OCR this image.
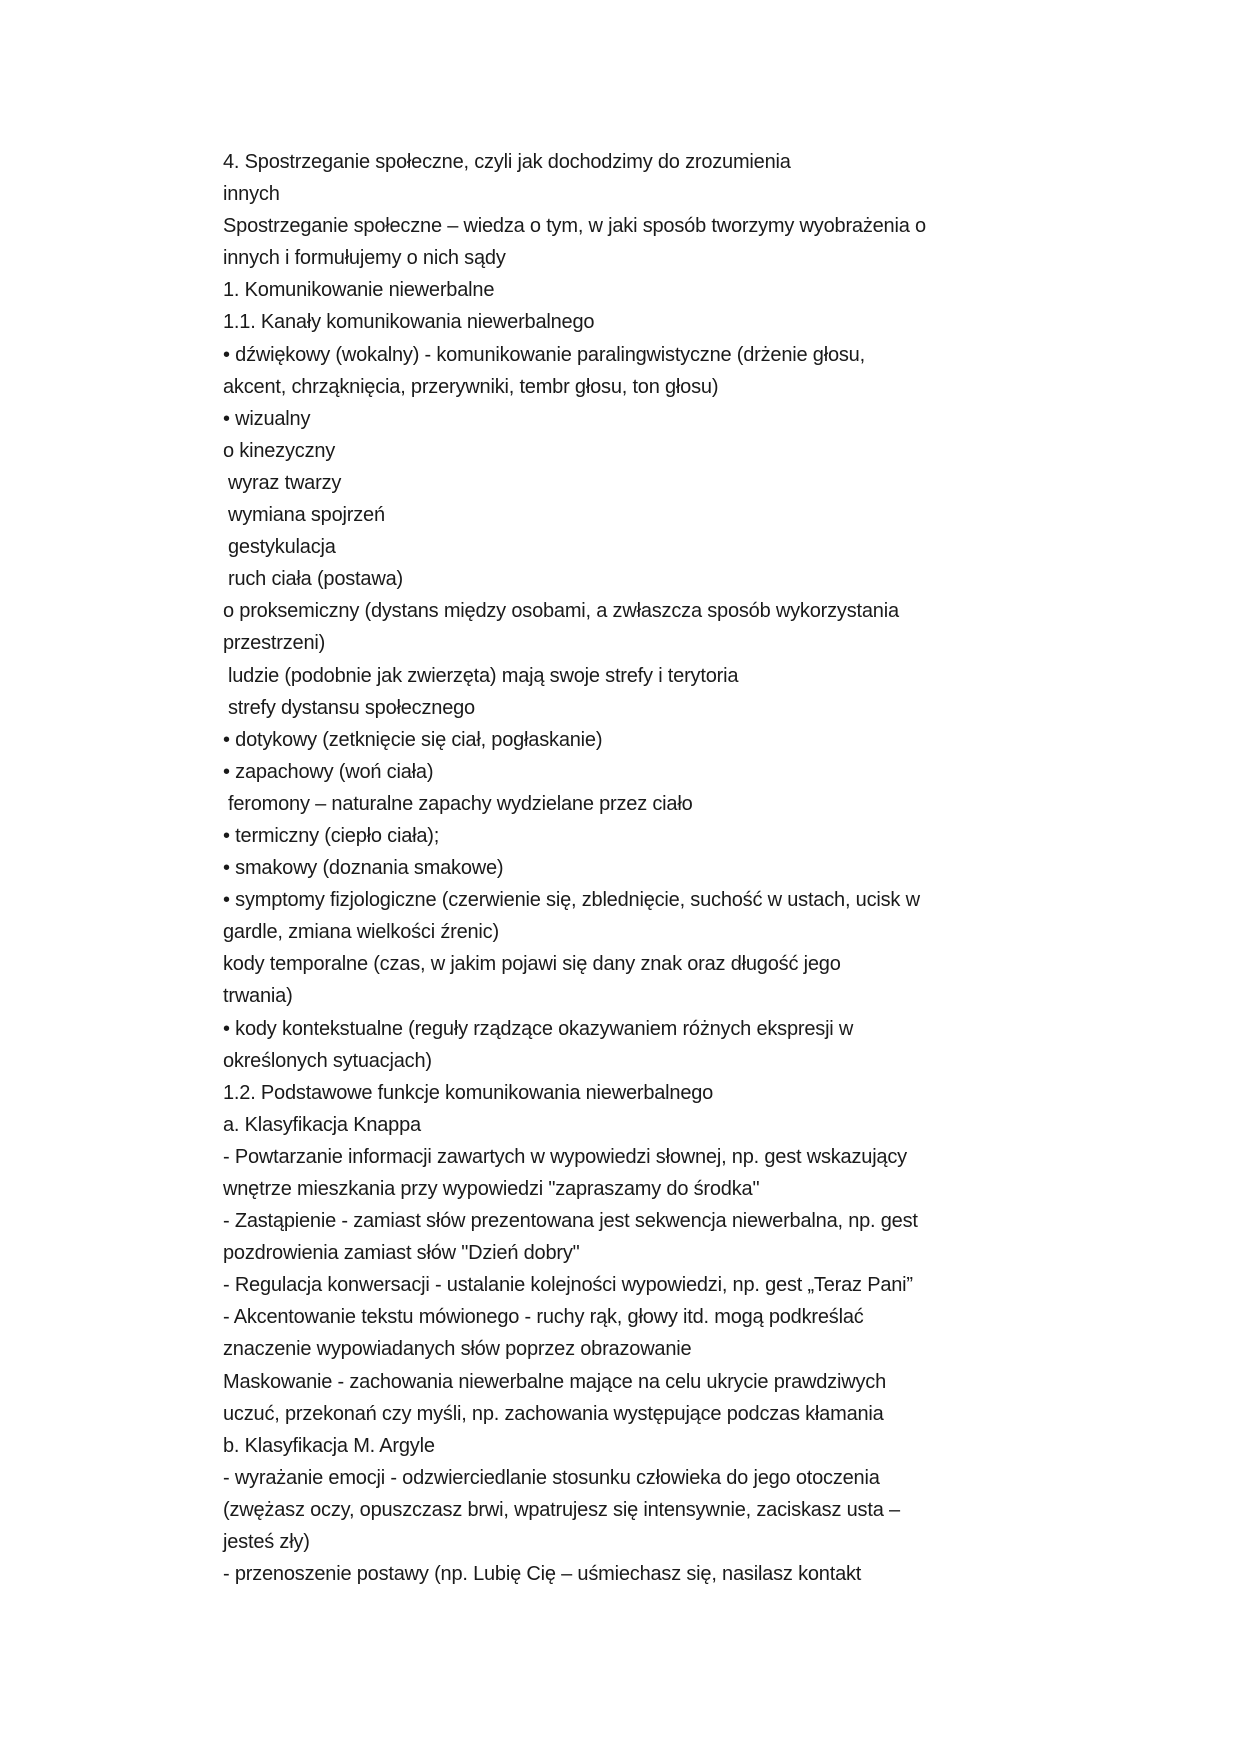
4. Spostrzeganie społeczne, czyli jak dochodzimy do zrozumienia
innych
Spostrzeganie społeczne – wiedza o tym, w jaki sposób tworzymy wyobrażenia o
innych i formułujemy o nich sądy
1. Komunikowanie niewerbalne
1.1. Kanały komunikowania niewerbalnego
• dźwiękowy (wokalny) - komunikowanie paralingwistyczne (drżenie głosu,
akcent, chrząknięcia, przerywniki, tembr głosu, ton głosu)
• wizualny
o kinezyczny
wyraz twarzy
wymiana spojrzeń
gestykulacja
ruch ciała (postawa)
o proksemiczny (dystans między osobami, a zwłaszcza sposób wykorzystania
przestrzeni)
ludzie (podobnie jak zwierzęta) mają swoje strefy i terytoria
strefy dystansu społecznego
• dotykowy (zetknięcie się ciał, pogłaskanie)
• zapachowy (woń ciała)
feromony – naturalne zapachy wydzielane przez ciało
• termiczny (ciepło ciała);
• smakowy (doznania smakowe)
• symptomy fizjologiczne (czerwienie się, zblednięcie, suchość w ustach, ucisk w
gardle, zmiana wielkości źrenic)
kody temporalne (czas, w jakim pojawi się dany znak oraz długość jego
trwania)
• kody kontekstualne (reguły rządzące okazywaniem różnych ekspresji w
określonych sytuacjach)
1.2. Podstawowe funkcje komunikowania niewerbalnego
a. Klasyfikacja Knappa
- Powtarzanie informacji zawartych w wypowiedzi słownej, np. gest wskazujący
wnętrze mieszkania przy wypowiedzi "zapraszamy do środka"
- Zastąpienie - zamiast słów prezentowana jest sekwencja niewerbalna, np. gest
pozdrowienia zamiast słów "Dzień dobry"
- Regulacja konwersacji - ustalanie kolejności wypowiedzi, np. gest „Teraz Pani”
- Akcentowanie tekstu mówionego - ruchy rąk, głowy itd. mogą podkreślać
znaczenie wypowiadanych słów poprzez obrazowanie
Maskowanie - zachowania niewerbalne mające na celu ukrycie prawdziwych
uczuć, przekonań czy myśli, np. zachowania występujące podczas kłamania
b. Klasyfikacja M. Argyle
- wyrażanie emocji - odzwierciedlanie stosunku człowieka do jego otoczenia
(zwężasz oczy, opuszczasz brwi, wpatrujesz się intensywnie, zaciskasz usta –
jesteś zły)
- przenoszenie postawy (np. Lubię Cię – uśmiechasz się, nasilasz kontakt
